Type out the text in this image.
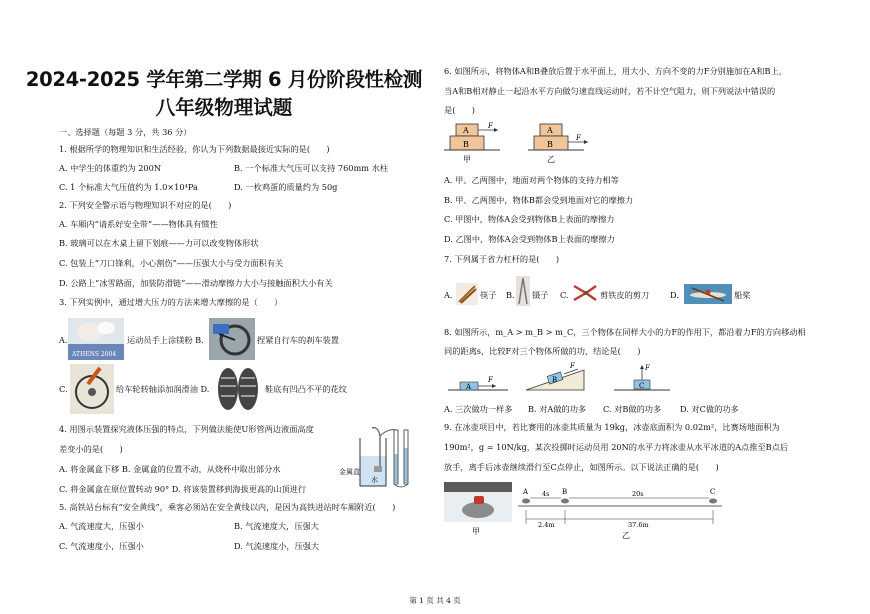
2024-2025 学年第二学期 6 月份阶段性检测
八年级物理试题
一、选择题（每题 3 分，共 36 分）
1. 根据所学的物理知识和生活经验，你认为下列数据最接近实际的是(　　)
A. 中学生的体重约为 200N	B. 一个标准大气压可以支持 760mm 水柱
C. 1 个标准大气压值约为 1.0×10⁴Pa	D. 一枚鸡蛋的质量约为 50g
2. 下列安全警示语与物理知识不对应的是(　　)
A. 车厢内“请系好安全带”——物体具有惯性
B. 玻璃可以在木桌上留下划痕——力可以改变物体形状
C. 包装上“刀口锋利，小心割伤”——压强大小与受力面积有关
D. 公路上“冰雪路面，加装防滑链”——滑动摩擦力大小与接触面积大小有关
3. 下列实例中，通过增大压力的方法来增大摩擦的是（　　）
A.
ATHENS 2004
运动员手上涂镁粉 B.	捏紧自行车的刹车装置
C.	给车轮转轴添加润滑油 D.	鞋底有凹凸不平的花纹
4. 用图示装置探究液体压强的特点，下列做法能使U形管两边液面高度
差变小的是(　　)
A. 将金属盒下移 B. 金属盒的位置不动，从烧杯中取出部分水
C. 将金属盒在原位置转动 90° D. 将该装置移到海拔更高的山顶进行
金属盒
水
5. 高铁站台标有“安全黄线”，乘客必须站在安全黄线以内，是因为高铁进站时车厢附近(　　)
A. 气流速度大，压强小	B. 气流速度大，压强大
C. 气流速度小，压强小	D. 气流速度小，压强大
6. 如图所示，将物体A和B叠放后置于水平面上，用大小、方向不变的力F分别施加在A和B上，
当A和B相对静止一起沿水平方向做匀速直线运动时，若不计空气阻力，则下列说法中错误的
是(　　)
A
B
F
甲
A
B
F
乙
A. 甲、乙两图中，地面对两个物体的支持力相等
B. 甲、乙两图中，物体B都会受到地面对它的摩擦力
C. 甲图中，物体A会受到物体B上表面的摩擦力
D. 乙图中，物体A会受到物体B上表面的摩擦力
7. 下列属于省力杠杆的是(　　)
A.	筷子 B. 镊子 C.	剪铁皮的剪刀	D.	船桨
8. 如图所示，m_A > m_B > m_C，三个物体在同样大小的力F的作用下，都沿着力F的方向移动相
同的距离s，比较F对三个物体所做的功，结论是(　　)
A
F	B
F
C
F
A. 三次做功一样多 B. 对A做的功多 C. 对B做的功多 D. 对C做的功多
9. 在冰壶项目中，若比赛用的冰壶其质量为 19kg，冰壶底面积为 0.02m²，比赛场地面积为
190m²，g = 10N/kg，某次投掷时运动员用 20N的水平力将冰壶从水平冰道的A点推至B点后
放手，离手后冰壶继续滑行至C点停止，如图所示。以下说法正确的是(　　)
甲
A	B	C
4s	20s
2.4m	37.6m
乙
第 1 页 共 4 页
